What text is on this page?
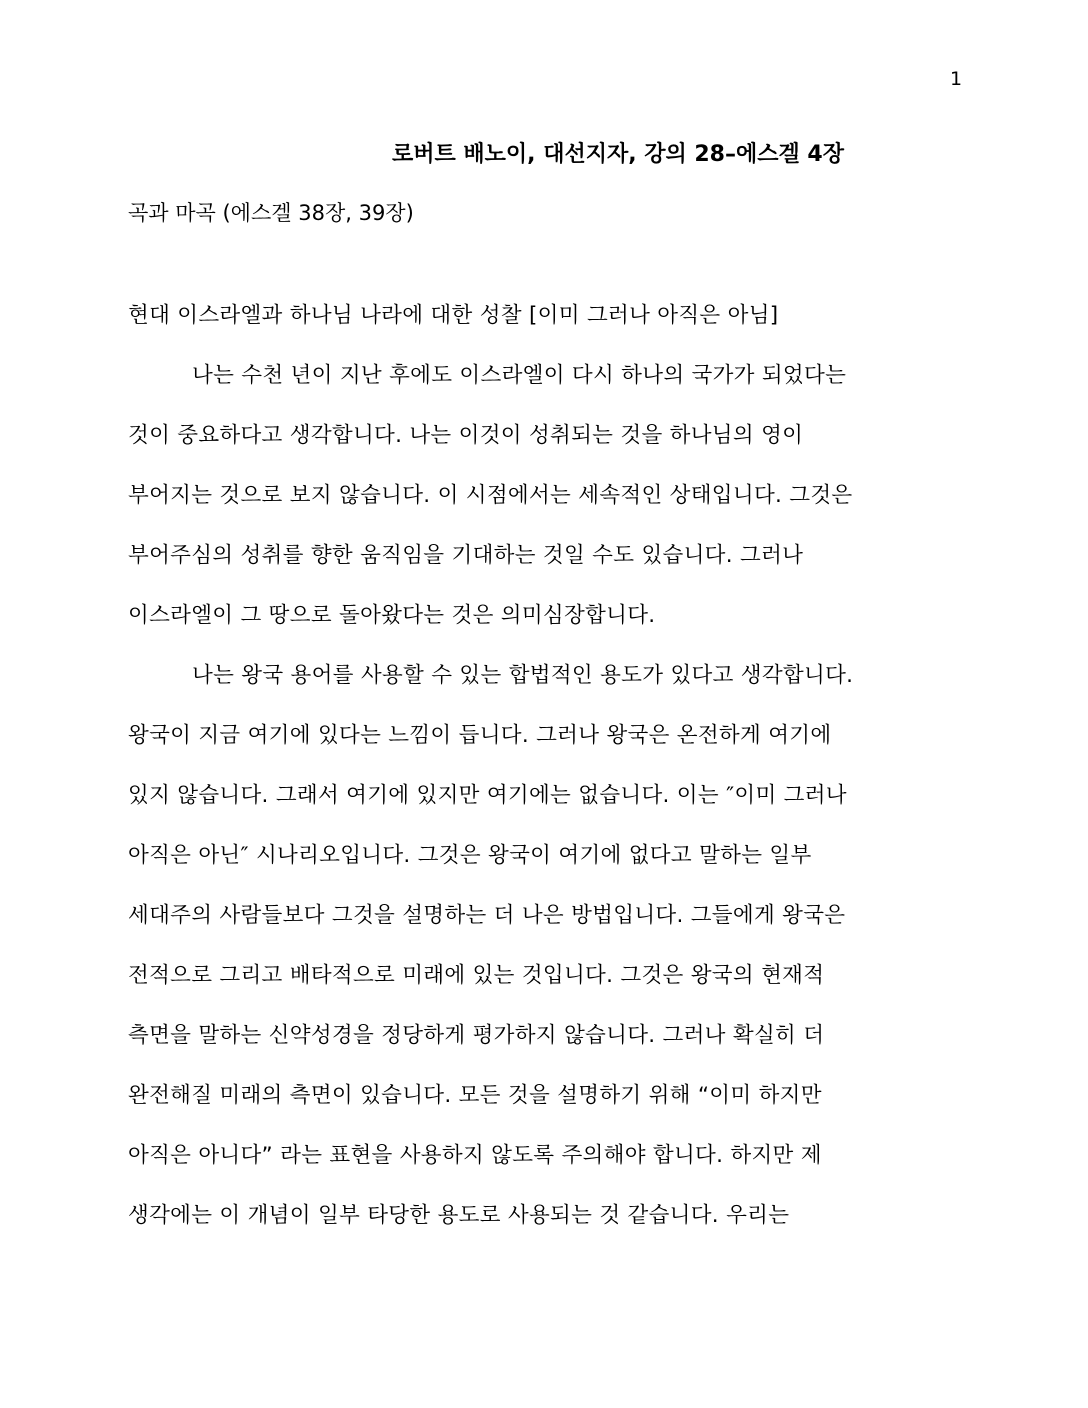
1
로버트 배노이, 대선지자, 강의 28–에스겔 4장
곡과 마곡 (에스겔 38장, 39장)
현대 이스라엘과 하나님 나라에 대한 성찰 [이미 그러나 아직은 아님]
나는 수천 년이 지난 후에도 이스라엘이 다시 하나의 국가가 되었다는
것이 중요하다고 생각합니다. 나는 이것이 성취되는 것을 하나님의 영이
부어지는 것으로 보지 않습니다. 이 시점에서는 세속적인 상태입니다. 그것은
부어주심의 성취를 향한 움직임을 기대하는 것일 수도 있습니다. 그러나
이스라엘이 그 땅으로 돌아왔다는 것은 의미심장합니다.
나는 왕국 용어를 사용할 수 있는 합법적인 용도가 있다고 생각합니다.
왕국이 지금 여기에 있다는 느낌이 듭니다. 그러나 왕국은 온전하게 여기에
있지 않습니다. 그래서 여기에 있지만 여기에는 없습니다. 이는 ″이미 그러나
아직은 아닌″ 시나리오입니다. 그것은 왕국이 여기에 없다고 말하는 일부
세대주의 사람들보다 그것을 설명하는 더 나은 방법입니다. 그들에게 왕국은
전적으로 그리고 배타적으로 미래에 있는 것입니다. 그것은 왕국의 현재적
측면을 말하는 신약성경을 정당하게 평가하지 않습니다. 그러나 확실히 더
완전해질 미래의 측면이 있습니다. 모든 것을 설명하기 위해 “이미 하지만
아직은 아니다” 라는 표현을 사용하지 않도록 주의해야 합니다. 하지만 제
생각에는 이 개념이 일부 타당한 용도로 사용되는 것 같습니다. 우리는
